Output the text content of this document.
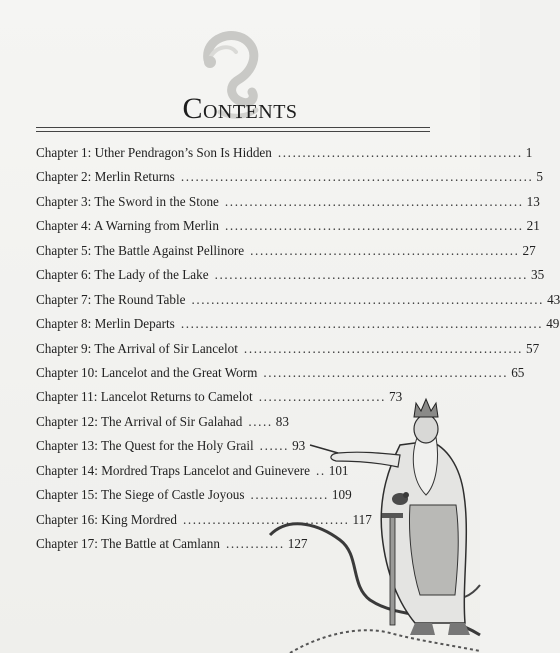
Contents
Chapter 1: Uther Pendragon’s Son Is Hidden .................................................. 1
Chapter 2: Merlin Returns ........................................................................ 5
Chapter 3: The Sword in the Stone ............................................................. 13
Chapter 4: A Warning from Merlin ............................................................. 21
Chapter 5: The Battle Against Pellinore ....................................................... 27
Chapter 6: The Lady of the Lake ................................................................ 35
Chapter 7: The Round Table ........................................................................ 43
Chapter 8: Merlin Departs .......................................................................... 49
Chapter 9: The Arrival of Sir Lancelot ......................................................... 57
Chapter 10: Lancelot and the Great Worm .................................................. 65
Chapter 11: Lancelot Returns to Camelot .......................... 73
Chapter 12: The Arrival of Sir Galahad ..... 83
Chapter 13: The Quest for the Holy Grail ...... 93
Chapter 14: Mordred Traps Lancelot and Guinevere .. 101
Chapter 15: The Siege of Castle Joyous ................ 109
Chapter 16: King Mordred .................................. 117
Chapter 17: The Battle at Camlann ............ 127
